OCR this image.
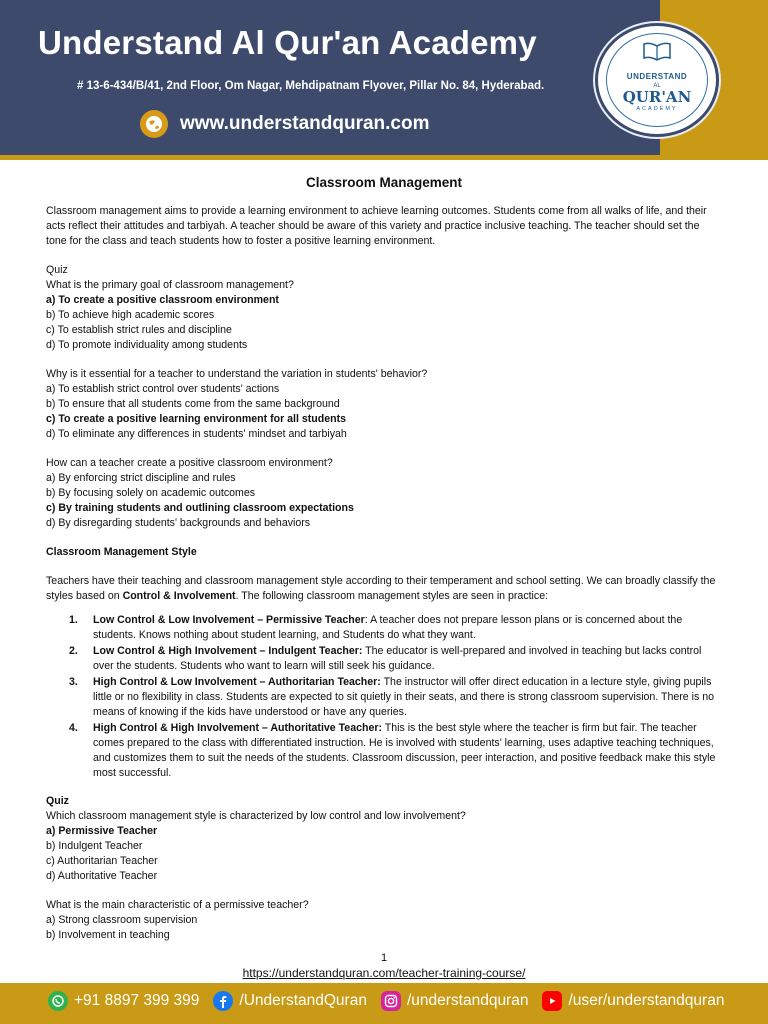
Understand Al Qur'an Academy
# 13-6-434/B/41, 2nd Floor, Om Nagar, Mehdipatnam Flyover, Pillar No. 84, Hyderabad.
www.understandquran.com
UNDERSTAND
AL
QUR'AN
ACADEMY
Classroom Management

Classroom management aims to provide a learning environment to achieve learning outcomes. Students come from all walks of life, and their acts reflect their attitudes and tarbiyah. A teacher should be aware of this variety and practice inclusive teaching. The teacher should set the tone for the class and teach students how to foster a positive learning environment.

Quiz

What is the primary goal of classroom management?

a) To create a positive classroom environment

b) To achieve high academic scores

c) To establish strict rules and discipline

d) To promote individuality among students

Why is it essential for a teacher to understand the variation in students' behavior?

a) To establish strict control over students' actions

b) To ensure that all students come from the same background

c) To create a positive learning environment for all students

d) To eliminate any differences in students' mindset and tarbiyah

How can a teacher create a positive classroom environment?

a) By enforcing strict discipline and rules

b) By focusing solely on academic outcomes

c) By training students and outlining classroom expectations

d) By disregarding students' backgrounds and behaviors

Classroom Management Style

Teachers have their teaching and classroom management style according to their temperament and school setting. We can broadly classify the styles based on Control & Involvement. The following classroom management styles are seen in practice:

1. Low Control & Low Involvement – Permissive Teacher: A teacher does not prepare lesson plans or is concerned about the students. Knows nothing about student learning, and Students do what they want.
2. Low Control & High Involvement – Indulgent Teacher: The educator is well-prepared and involved in teaching but lacks control over the students. Students who want to learn will still seek his guidance.
3. High Control & Low Involvement – Authoritarian Teacher: The instructor will offer direct education in a lecture style, giving pupils little or no flexibility in class. Students are expected to sit quietly in their seats, and there is strong classroom supervision. There is no means of knowing if the kids have understood or have any queries.
4. High Control & High Involvement – Authoritative Teacher: This is the best style where the teacher is firm but fair. The teacher comes prepared to the class with differentiated instruction. He is involved with students' learning, uses adaptive teaching techniques, and customizes them to suit the needs of the students. Classroom discussion, peer interaction, and positive feedback make this style most successful.

Quiz

Which classroom management style is characterized by low control and low involvement?

a) Permissive Teacher

b) Indulgent Teacher

c) Authoritarian Teacher

d) Authoritative Teacher

What is the main characteristic of a permissive teacher?

a) Strong classroom supervision

b) Involvement in teaching

1
https://understandquran.com/teacher-training-course/
+91 8897 399 399	/UnderstandQuran	/understandquran	/user/understandquran
